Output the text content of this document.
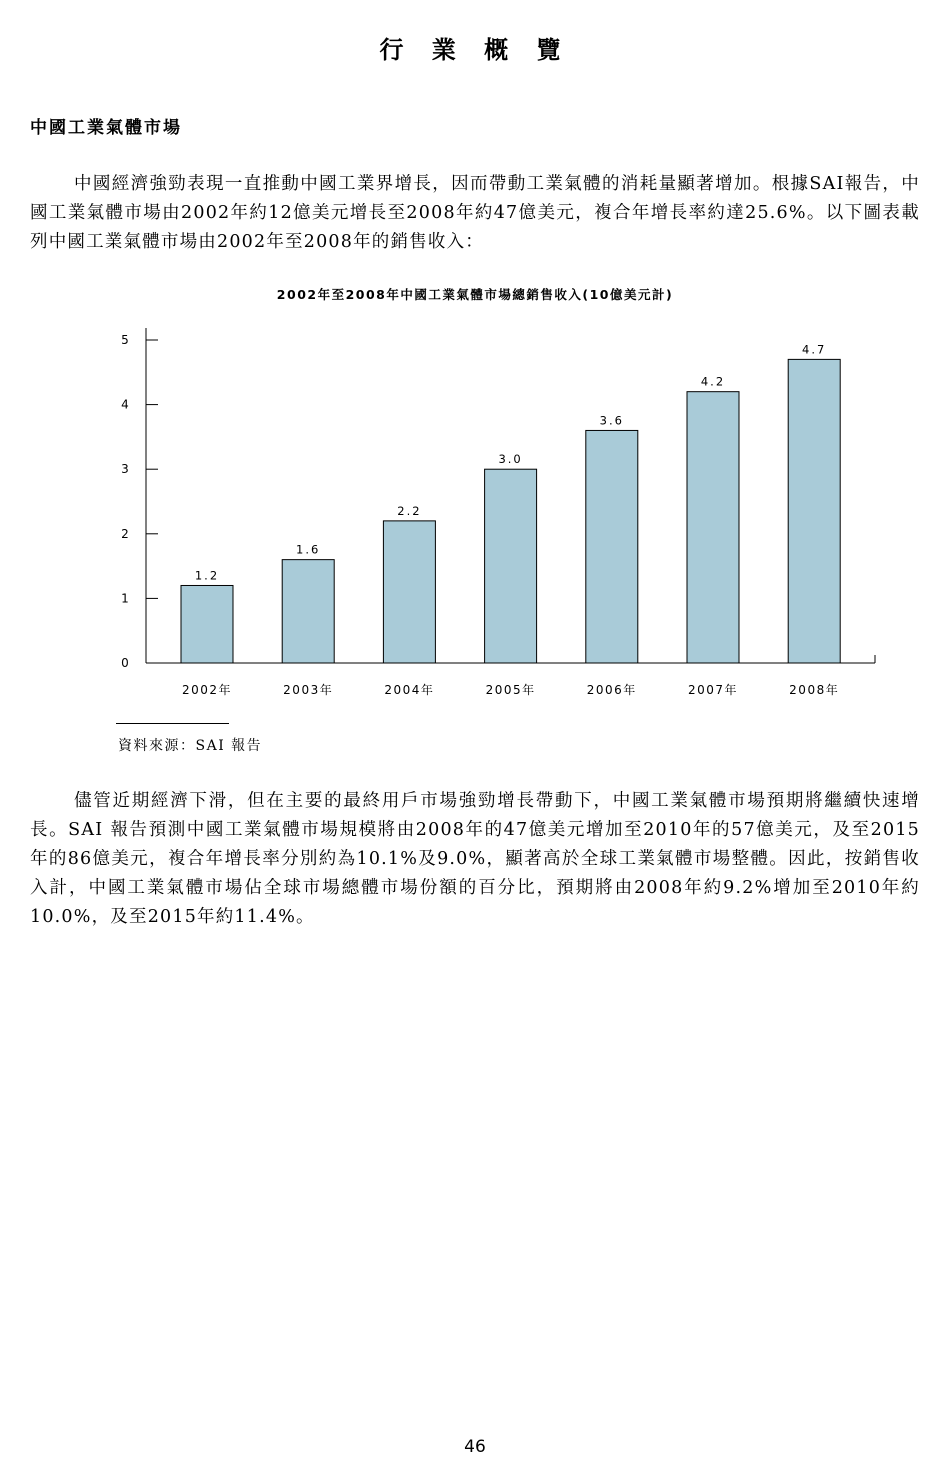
行 業 概 覽
中國工業氣體市場
中國經濟強勁表現一直推動中國工業界增長，因而帶動工業氣體的消耗量顯著增加。根據SAI報告，中國工業氣體市場由2002年約12億美元增長至2008年約47億美元，複合年增長率約達25.6%。以下圖表載列中國工業氣體市場由2002年至2008年的銷售收入：
2002年至2008年中國工業氣體市場總銷售收入(10億美元計)
0
1
2
3
4
5
1.2
2002年
1.6
2003年
2.2
2004年
3.0
2005年
3.6
2006年
4.2
2007年
4.7
2008年
資料來源：SAI 報告
儘管近期經濟下滑，但在主要的最終用戶市場強勁增長帶動下，中國工業氣體市場預期將繼續快速增長。SAI 報告預測中國工業氣體市場規模將由2008年的47億美元增加至2010年的57億美元，及至2015年的86億美元，複合年增長率分別約為10.1%及9.0%，顯著高於全球工業氣體市場整體。因此，按銷售收入計，中國工業氣體市場佔全球市場總體市場份額的百分比，預期將由2008年約9.2%增加至2010年約10.0%，及至2015年約11.4%。
46
